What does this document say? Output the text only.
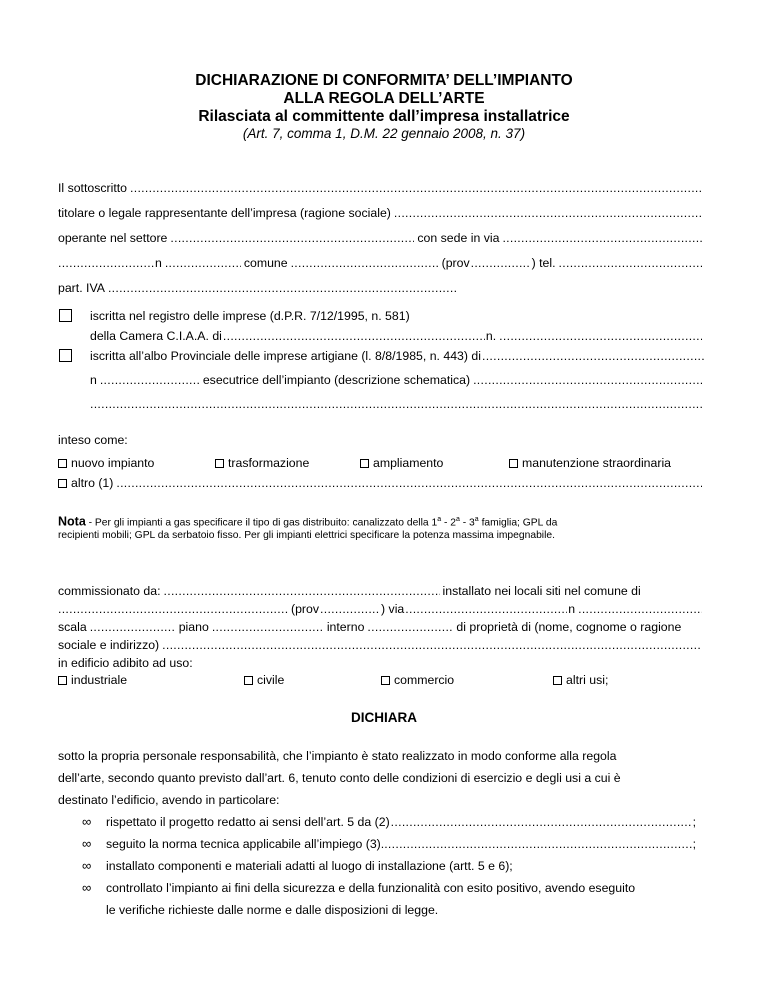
DICHIARAZIONE DI CONFORMITA’ DELL’IMPIANTO
ALLA REGOLA DELL’ARTE
Rilasciata al committente dall’impresa installatrice
(Art. 7, comma 1, D.M. 22 gennaio 2008, n. 37)
Il sottoscritto
.....
titolare o legale rappresentante dell’impresa (ragione sociale)
.....
operante nel settore .....	con sede in via
.....
.....
n .....	comune .....	(prov .....	) tel.
.....
part. IVA
.....
iscritta nel registro delle imprese (d.P.R. 7/12/1995, n. 581)
della Camera C.I.A.A. di .....	n.
.....
iscritta all’albo Provinciale delle imprese artigiane (l. 8/8/1985, n. 443) di
.....
n .....	esecutrice dell’impianto (descrizione schematica)
.....
.....
inteso come:
nuovo impianto	trasformazione	ampliamento	manutenzione straordinaria
altro (1)
.....
Nota - Per gli impianti a gas specificare il tipo di gas distribuito: canalizzato della 1$^a$ - 2$^a$ - 3$^a$ famiglia; GPL da
recipienti mobili; GPL da serbatoio fisso. Per gli impianti elettrici specificare la potenza massima impegnabile.
commissionato da: .....	installato nei locali siti nel comune di
.....
(prov .....	) via .....	n
.....
scala .....	piano .....	interno .....	di proprietà di (nome, cognome o ragione
sociale e indirizzo)
.....
in edificio adibito ad uso:
industriale	civile	commercio	altri usi;
DICHIARA
sotto la propria personale responsabilità, che l’impianto è stato realizzato in modo conforme alla regola
dell’arte, secondo quanto previsto dall’art. 6, tenuto conto delle condizioni di esercizio e degli usi a cui è
destinato l’edificio, avendo in particolare:
∞ rispettato il progetto redatto ai sensi dell’art. 5 da (2) .....	;
∞ seguito la norma tecnica applicabile all’impiego (3). .....	;
∞ installato componenti e materiali adatti al luogo di installazione (artt. 5 e 6);
∞ controllato l’impianto ai fini della sicurezza e della funzionalità con esito positivo, avendo eseguito
le verifiche richieste dalle norme e dalle disposizioni di legge.
